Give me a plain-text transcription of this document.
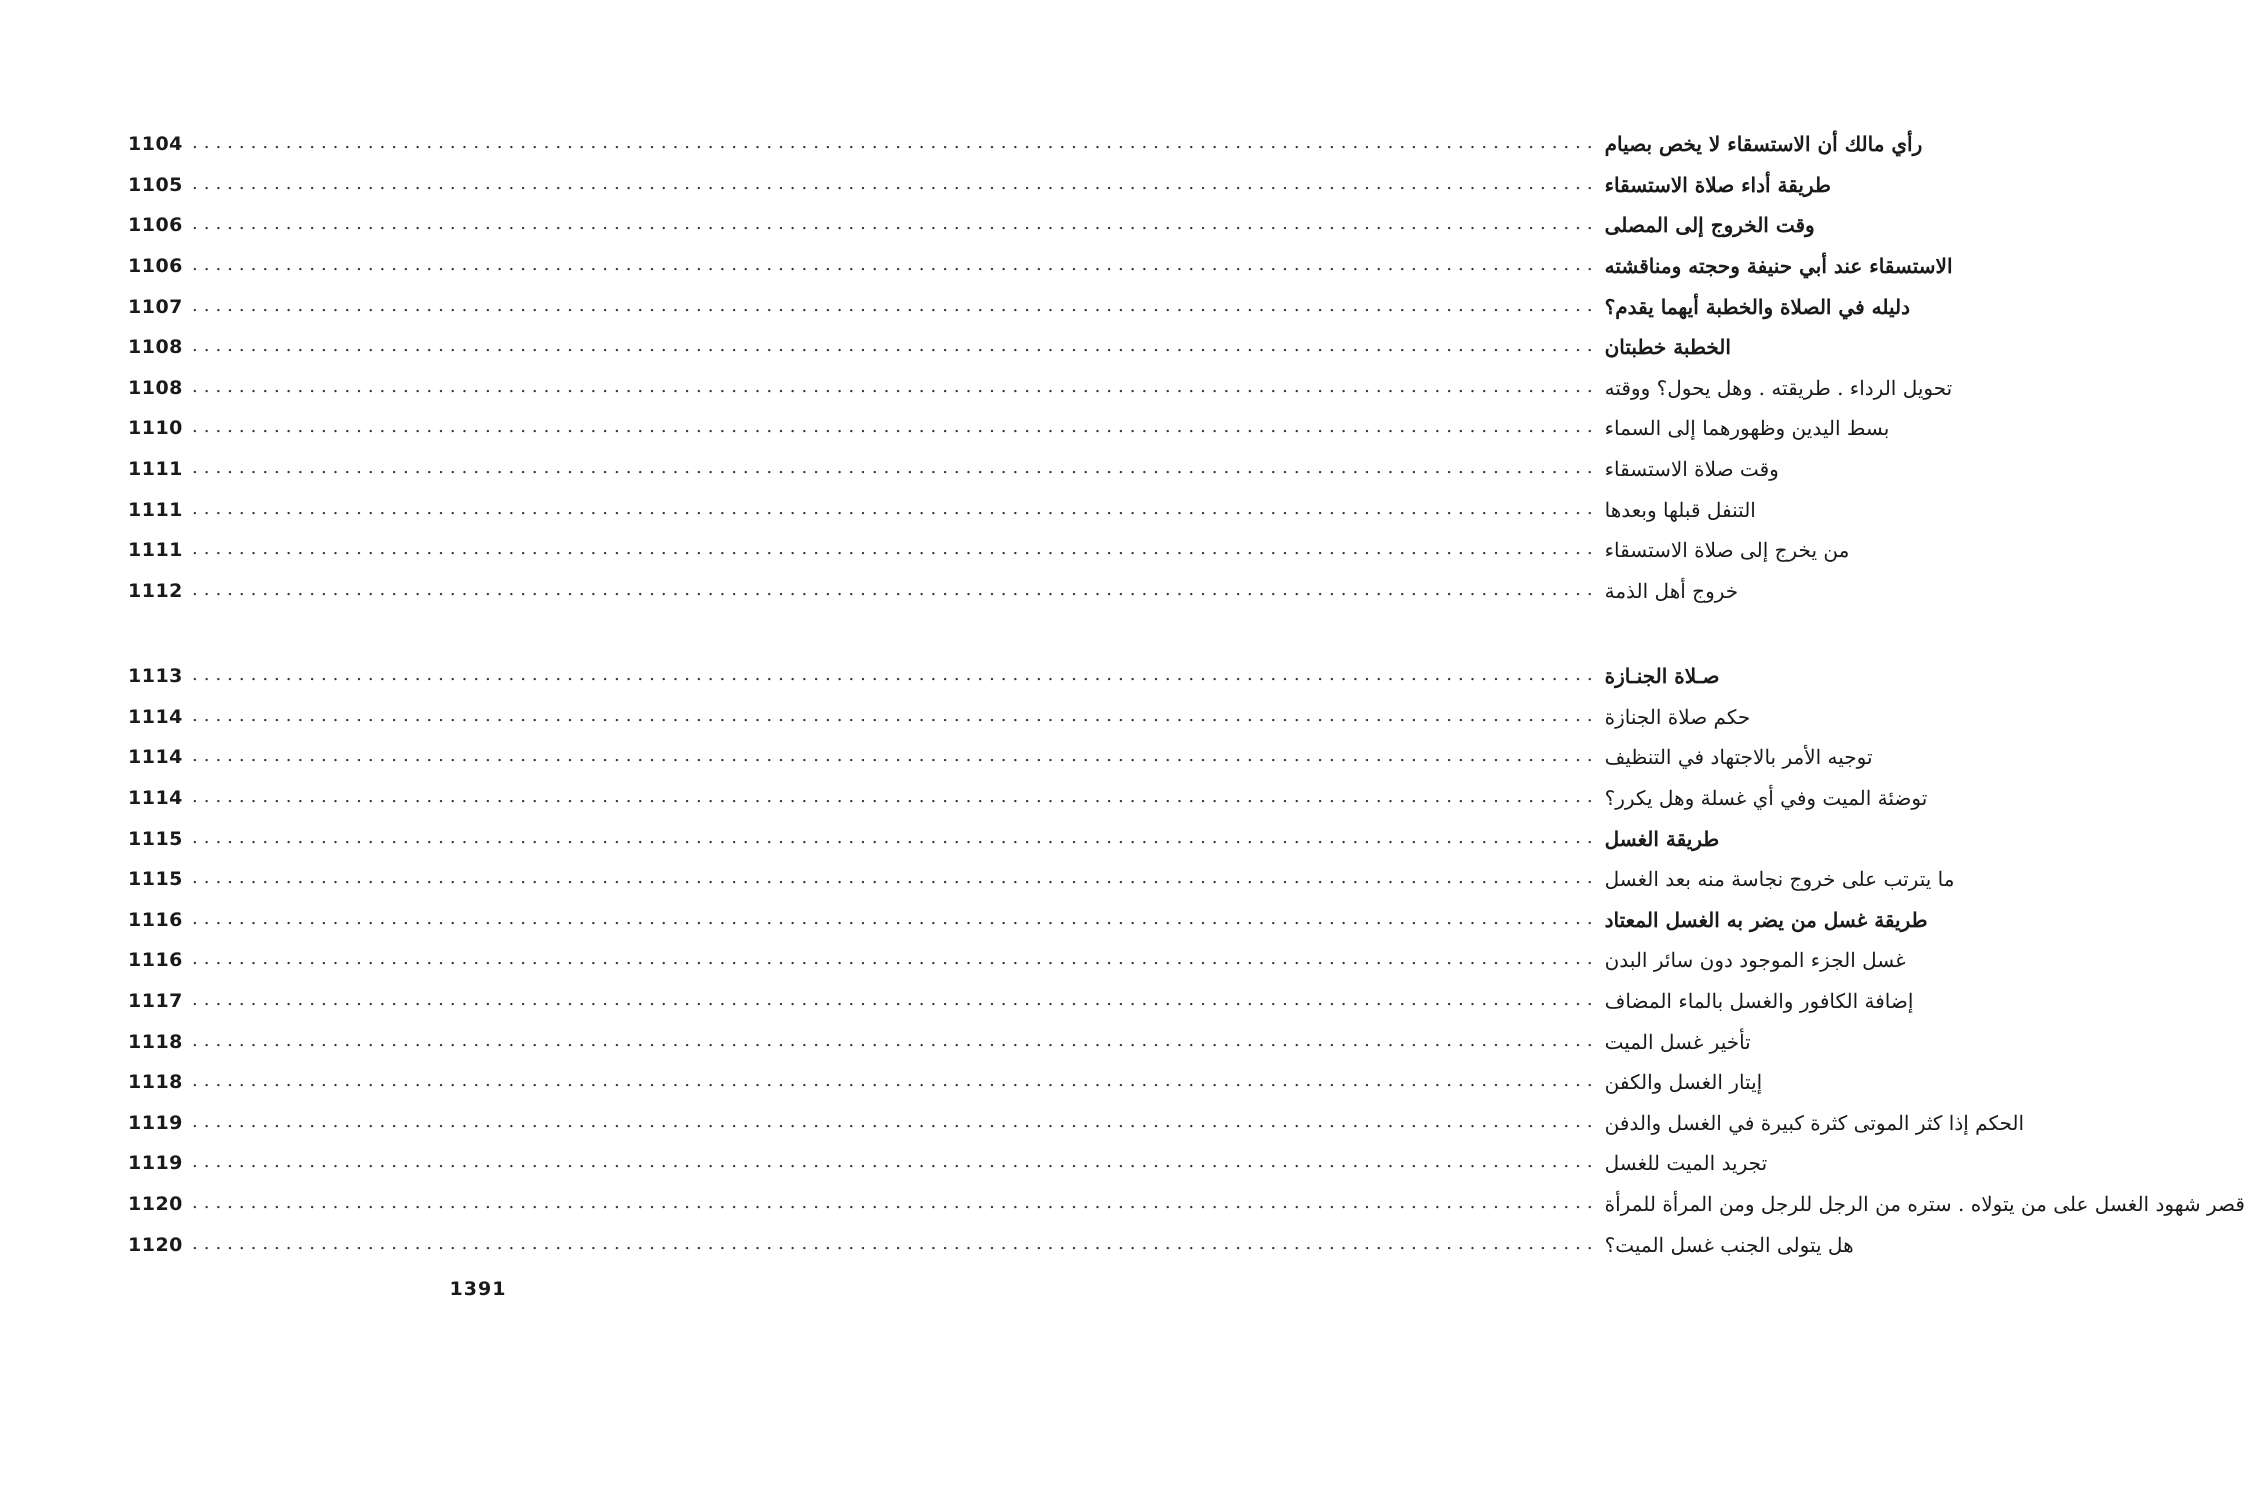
1104 ........................................................................................................................ رأي مالك أن الاستسقاء لا يخص بصيام
1105 ........................................................................................................................ طريقة أداء صلاة الاستسقاء
1106 ........................................................................................................................ وقت الخروج إلى المصلى
1106 ........................................................................................................................ الاستسقاء عند أبي حنيفة وحجته ومناقشته
1107 ........................................................................................................................ دليله في الصلاة والخطبة أيهما يقدم؟
1108 ........................................................................................................................ الخطبة خطبتان
1108 ........................................................................................................................ تحويل الرداء . طريقته . وهل يحول؟ ووقته
1110 ........................................................................................................................ بسط اليدين وظهورهما إلى السماء
1111 ........................................................................................................................ وقت صلاة الاستسقاء
1111 ........................................................................................................................ التنفل قبلها وبعدها
1111 ........................................................................................................................ من يخرج إلى صلاة الاستسقاء
1112 ........................................................................................................................ خروج أهل الذمة
1113 ........................................................................................................................ صـلاة الجنـازة
1114 ........................................................................................................................ حكم صلاة الجنازة
1114 ........................................................................................................................ توجيه الأمر بالاجتهاد في التنظيف
1114 ........................................................................................................................ توضئة الميت وفي أي غسلة وهل يكرر؟
1115 ........................................................................................................................ طريقة الغسل
1115 ........................................................................................................................ ما يترتب على خروج نجاسة منه بعد الغسل
1116 ........................................................................................................................ طريقة غسل من يضر به الغسل المعتاد
1116 ........................................................................................................................ غسل الجزء الموجود دون سائر البدن
1117 ........................................................................................................................ إضافة الكافور والغسل بالماء المضاف
1118 ........................................................................................................................ تأخير غسل الميت
1118 ........................................................................................................................ إيتار الغسل والكفن
1119 ........................................................................................................................ الحكم إذا كثر الموتى كثرة كبيرة في الغسل والدفن
1119 ........................................................................................................................ تجريد الميت للغسل
1120 ........................................................................................................................ قصر شهود الغسل على من يتولاه . ستره من الرجل للرجل ومن المرأة للمرأة
1120 ........................................................................................................................ هل يتولى الجنب غسل الميت؟
1391
